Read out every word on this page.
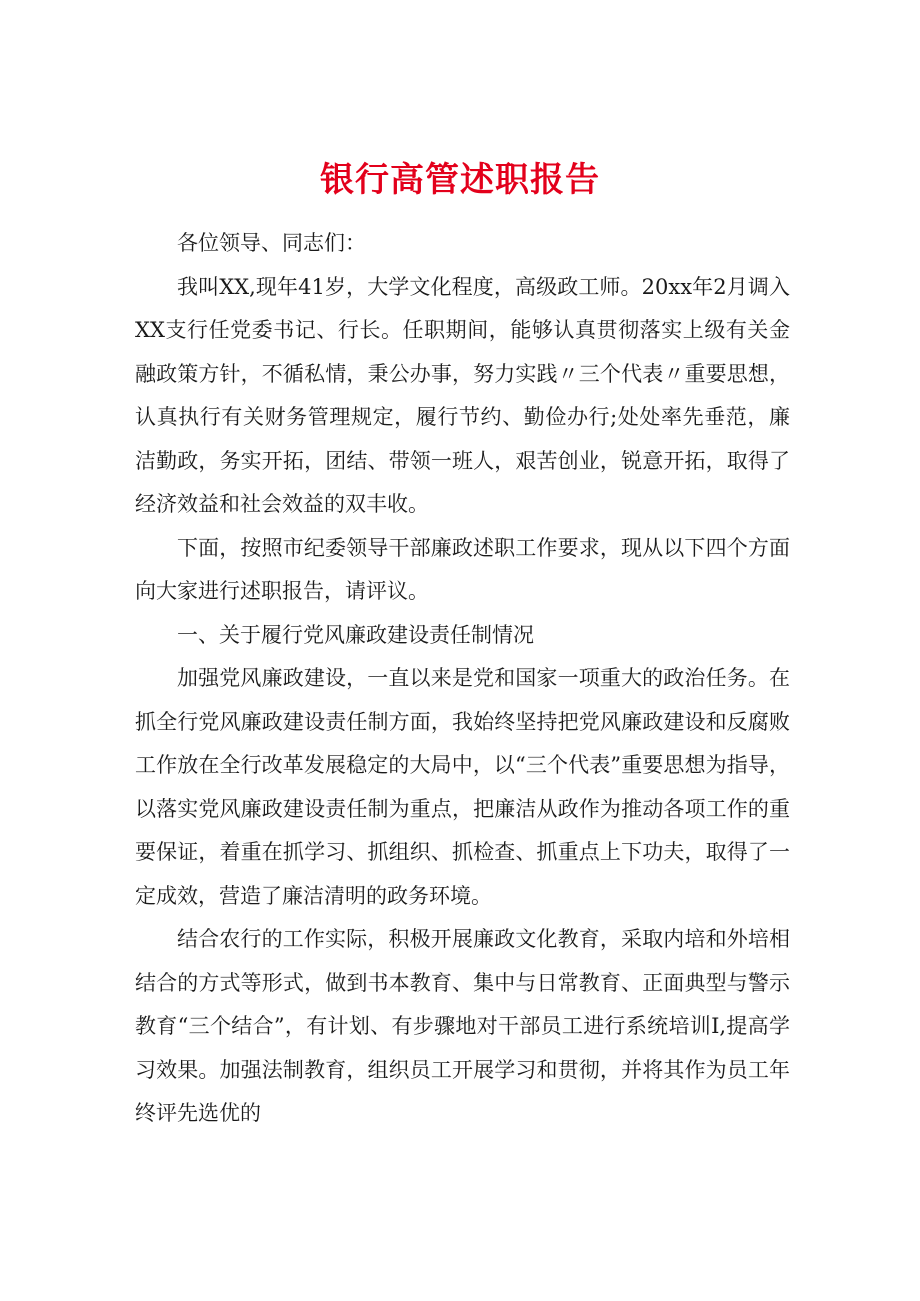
银行高管述职报告

各位领导、同志们：

我叫XX,现年41岁，大学文化程度，高级政工师。20xx年2月调入XX支行任党委书记、行长。任职期间，能够认真贯彻落实上级有关金融政策方针，不循私情，秉公办事，努力实践〃三个代表〃重要思想，认真执行有关财务管理规定，履行节约、勤俭办行;处处率先垂范，廉洁勤政，务实开拓，团结、带领一班人，艰苦创业，锐意开拓，取得了经济效益和社会效益的双丰收。

下面，按照市纪委领导干部廉政述职工作要求，现从以下四个方面向大家进行述职报告，请评议。

一、关于履行党风廉政建设责任制情况

加强党风廉政建设，一直以来是党和国家一项重大的政治任务。在抓全行党风廉政建设责任制方面，我始终坚持把党风廉政建设和反腐败工作放在全行改革发展稳定的大局中，以“三个代表”重要思想为指导，以落实党风廉政建设责任制为重点，把廉洁从政作为推动各项工作的重要保证，着重在抓学习、抓组织、抓检查、抓重点上下功夫，取得了一定成效，营造了廉洁清明的政务环境。

结合农行的工作实际，积极开展廉政文化教育，采取内培和外培相结合的方式等形式，做到书本教育、集中与日常教育、正面典型与警示教育“三个结合”，有计划、有步骤地对干部员工进行系统培训I,提高学习效果。加强法制教育，组织员工开展学习和贯彻，并将其作为员工年终评先选优的
